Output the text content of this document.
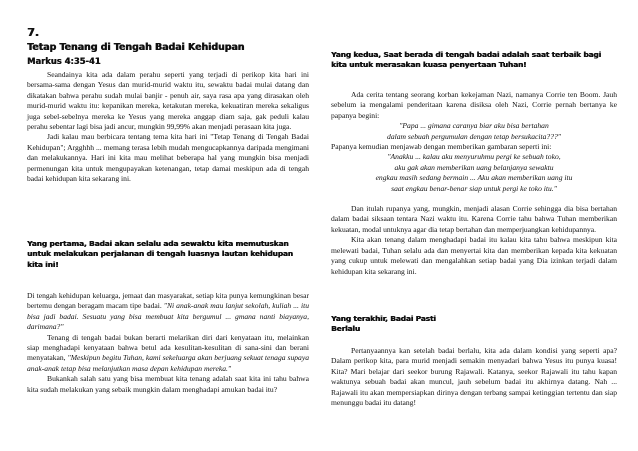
7.
Tetap Tenang di Tengah Badai Kehidupan
Markus 4:35-41

Seandainya kita ada dalam perahu seperti yang terjadi di perikop kita hari ini bersama-sama dengan Yesus dan murid-murid waktu itu, sewaktu badai mulai datang dan dikatakan bahwa perahu sudah mulai banjir - penuh air, saya rasa apa yang dirasakan oleh murid-murid waktu itu: kepanikan mereka, ketakutan mereka, kekuatiran mereka sekaligus juga sebel-sebelnya mereka ke Yesus yang mereka anggap diam saja, gak peduli kalau perahu sebentar lagi bisa jadi ancur, mungkin 99,99% akan menjadi perasaan kita juga.

Jadi kalau mau berbicara tentang tema kita hari ini "Tetap Tenang di Tengah Badai Kehidupan"; Argghhh ... memang terasa lebih mudah mengucapkannya daripada mengimani dan melakukannya. Hari ini kita mau melihat beberapa hal yang mungkin bisa menjadi permenungan kita untuk mengupayakan ketenangan, tetap damai meskipun ada di tengah badai kehidupan kita sekarang ini.

Yang pertama, Badai akan selalu ada sewaktu kita memutuskan untuk melakukan perjalanan di tengah luasnya lautan kehidupan kita ini!

Di tengah kehidupan keluarga, jemaat dan masyarakat, setiap kita punya kemungkinan besar bertemu dengan beragam macam tipe badai. "Ni anak-anak mau lanjut sekolah, kuliah ... itu bisa jadi badai. Sesuatu yang bisa membuat kita bergumul ... gmana nanti biayanya, darimana?"

Tenang di tengah badai bukan berarti melarikan diri dari kenyataan itu, melainkan siap menghadapi kenyataan bahwa betul ada kesulitan-kesulitan di sana-sini dan berani menyatakan, "Meskipun begitu Tuhan, kami sekeluarga akan berjuang sekuat tenaga supaya anak-anak tetap bisa melanjutkan masa depan kehidupan mereka."

Bukankah salah satu yang bisa membuat kita tenang adalah saat kita ini tahu bahwa kita sudah melakukan yang sebaik mungkin dalam menghadapi amukan badai itu?

Yang kedua, Saat berada di tengah badai adalah saat terbaik bagi kita untuk merasakan kuasa penyertaan Tuhan!

Ada cerita tentang seorang korban kekejaman Nazi, namanya Corrie ten Boom. Jauh sebelum ia mengalami penderitaan karena disiksa oleh Nazi, Corrie pernah bertanya ke papanya begini:

"Papa ... gimana caranya biar aku bisa bertahan

dalam sebuah pergumulan dengan tetap bersukacita???"

Papanya kemudian menjawab dengan memberikan gambaran seperti ini:

"Anakku ... kalau aku menyuruhmu pergi ke sebuah toko,

aku gak akan memberikan uang belanjanya sewaktu

engkau masih sedang bermain ... Aku akan memberikan uang itu

saat engkau benar-benar siap untuk pergi ke toko itu."

Dan itulah rupanya yang, mungkin, menjadi alasan Corrie sehingga dia bisa bertahan dalam badai siksaan tentara Nazi waktu itu. Karena Corrie tahu bahwa Tuhan memberikan kekuatan, modal untuknya agar dia tetap bertahan dan memperjuangkan kehidupannya.

Kita akan tenang dalam menghadapi badai itu kalau kita tahu bahwa meskipun kita melewati badai, Tuhan selalu ada dan menyertai kita dan memberikan kepada kita kekuatan yang cukup untuk melewati dan mengalahkan setiap badai yang Dia izinkan terjadi dalam kehidupan kita sekarang ini.

Yang terakhir, Badai Pasti Berlalu

Pertanyaannya kan setelah badai berlalu, kita ada dalam kondisi yang seperti apa? Dalam perikop kita, para murid menjadi semakin menyadari bahwa Yesus itu punya kuasa! Kita? Mari belajar dari seekor burung Rajawali. Katanya, seekor Rajawali itu tahu kapan waktunya sebuah badai akan muncul, jauh sebelum badai itu akhirnya datang. Nah ... Rajawali itu akan mempersiapkan dirinya dengan terbang sampai ketinggian tertentu dan siap menunggu badai itu datang!
